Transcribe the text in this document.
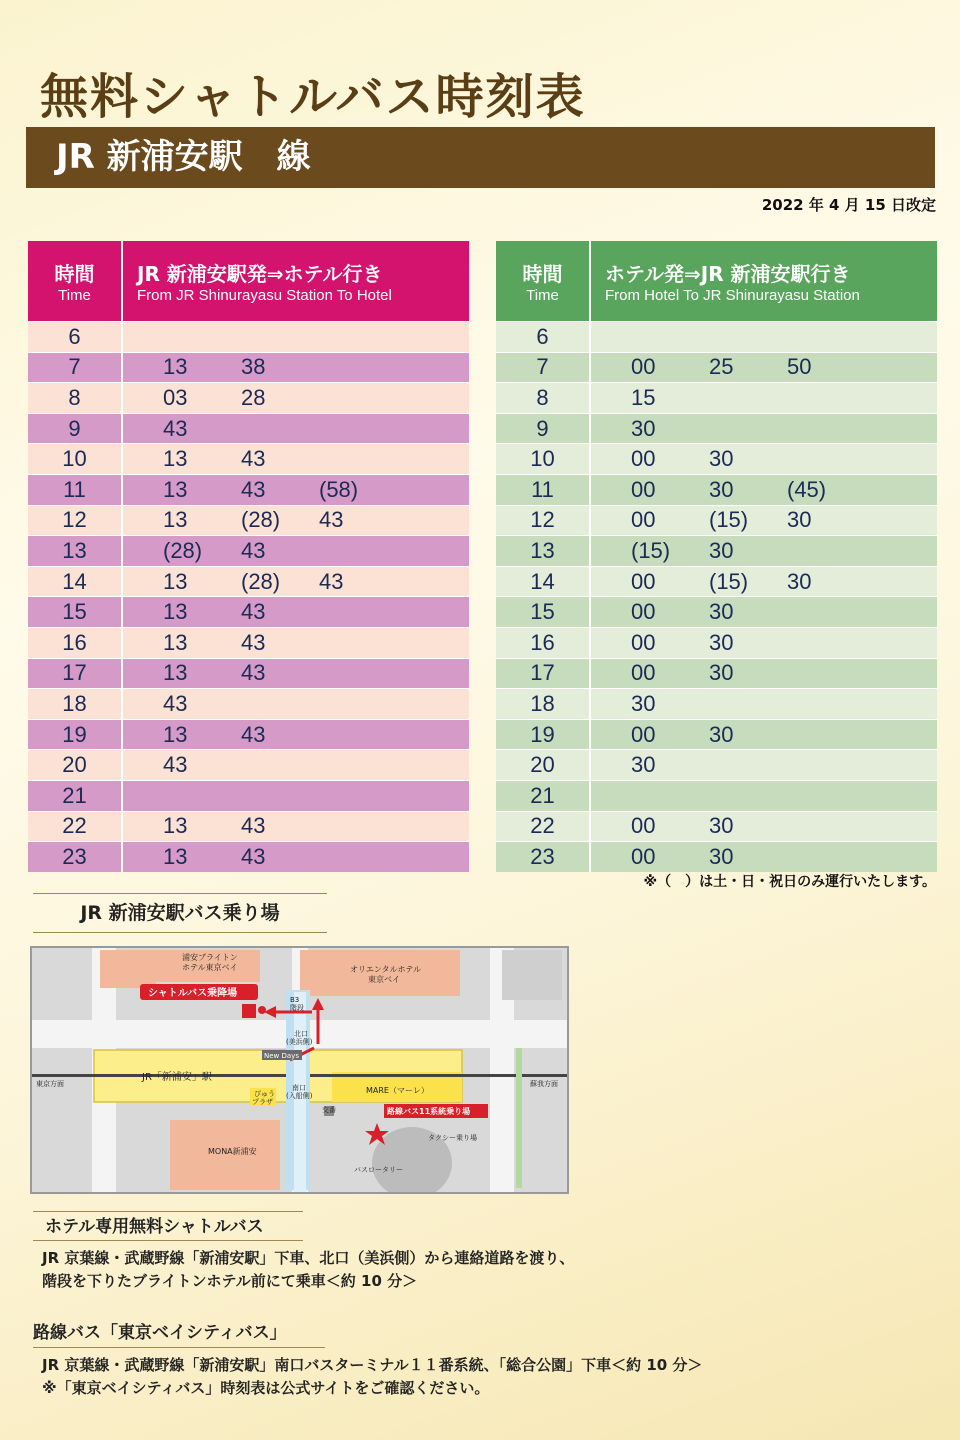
無料シャトルバス時刻表
JR 新浦安駅　線
2022 年 4 月 15 日改定
時間
Time	JR 新浦安駅発⇒ホテル行き
From JR Shinurayasu Station To Hotel

6	
7	13 38
8	03 28
9	43
10	13 43
11	13 43 (58)
12	13 (28) 43
13	(28) 43
14	13 (28) 43
15	13 43
16	13 43
17	13 43
18	43
19	13 43
20	43
21	
22	13 43
23	13 43
時間
Time	ホテル発⇒JR 新浦安駅行き
From Hotel To JR Shinurayasu Station

6	
7	00 25 50
8	15
9	30
10	00 30
11	00 30 (45)
12	00 (15) 30
13	(15) 30
14	00 (15) 30
15	00 30
16	00 30
17	00 30
18	30
19	00 30
20	30
21	
22	00 30
23	00 30
※（　）は土・日・祝日のみ運行いたします。
JR 新浦安駅バス乗り場
浦安ブライトン
ホテル東京ベイ	オリエンタルホテル
東京ベイ
シャトルバス乗降場
B3
階段
北口
(美浜側)
New Days
JR「新浦安」駅
東京方面	蘇我方面
ぴゅう
プラザ
南口
(入船側)
MARE（マーレ）
交番	路線バス11系統乗り場
タクシー乗り場
MONA新浦安
バスロータリー
ホテル専用無料シャトルバス
JR 京葉線・武蔵野線「新浦安駅」下車、北口（美浜側）から連絡道路を渡り、
階段を下りたブライトンホテル前にて乗車＜約 10 分＞
路線バス「東京ベイシティバス」
JR 京葉線・武蔵野線「新浦安駅」南口バスターミナル１１番系統、「総合公園」下車＜約 10 分＞
※「東京ベイシティバス」時刻表は公式サイトをご確認ください。
